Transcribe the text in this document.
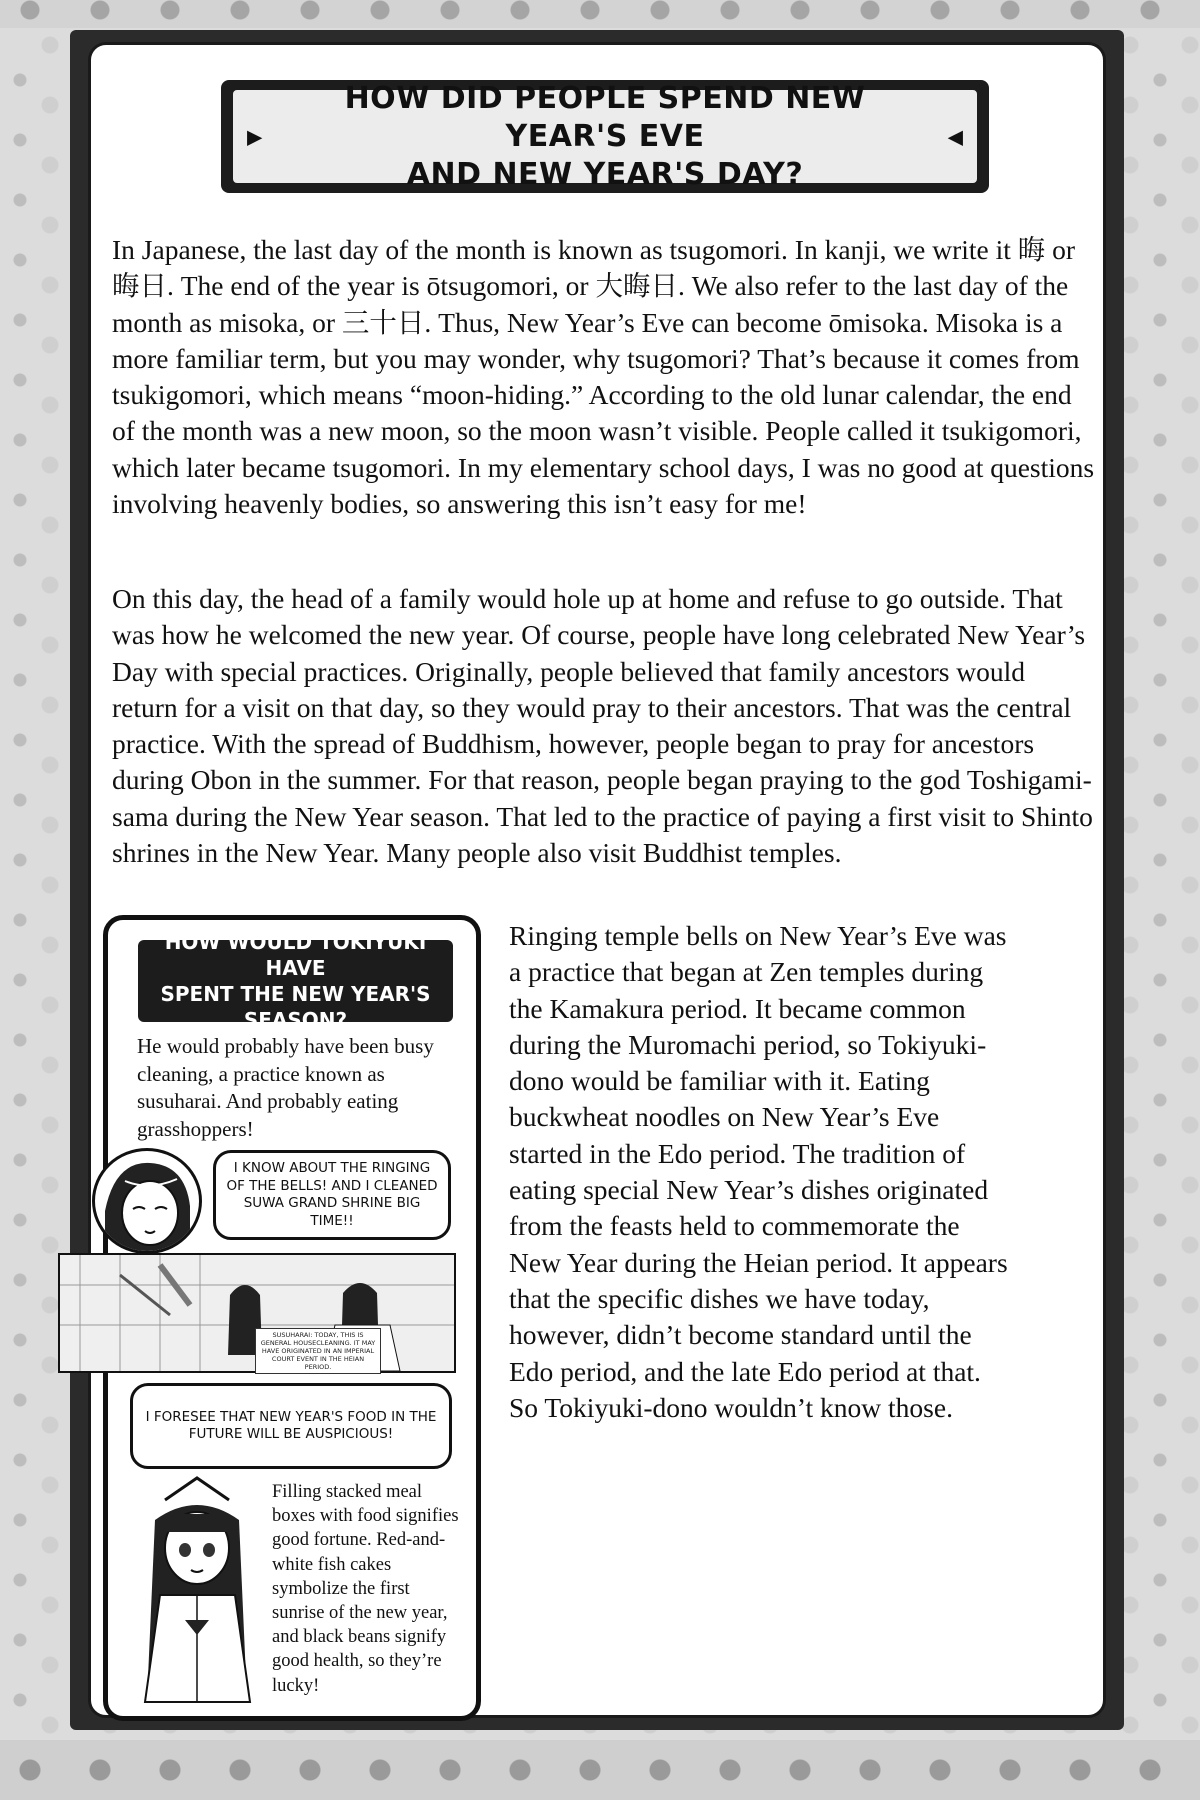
▶
HOW DID PEOPLE SPEND NEW YEAR'S EVE
AND NEW YEAR'S DAY?
◀

In Japanese, the last day of the month is known as tsugomori. In kanji, we write it 晦 or 晦日. The end of the year is ōtsugomori, or 大晦日. We also refer to the last day of the month as misoka, or 三十日. Thus, New Year’s Eve can become ōmisoka. Misoka is a more familiar term, but you may wonder, why tsugomori? That’s because it comes from tsukigomori, which means “moon-hiding.” According to the old lunar calendar, the end of the month was a new moon, so the moon wasn’t visible. People called it tsukigomori, which later became tsugomori. In my elementary school days, I was no good at questions involving heavenly bodies, so answering this isn’t easy for me!

On this day, the head of a family would hole up at home and refuse to go outside. That was how he welcomed the new year. Of course, people have long celebrated New Year’s Day with special practices. Originally, people believed that family ancestors would return for a visit on that day, so they would pray to their ancestors. That was the central practice. With the spread of Buddhism, however, people began to pray for ancestors during Obon in the summer. For that reason, people began praying to the god Toshigami-sama during the New Year season. That led to the practice of paying a first visit to Shinto shrines in the New Year. Many people also visit Buddhist temples.

Ringing temple bells on New Year’s Eve was a practice that began at Zen temples during the Kamakura period. It became common during the Muromachi period, so Tokiyuki-dono would be familiar with it. Eating buckwheat noodles on New Year’s Eve started in the Edo period. The tradition of eating special New Year’s dishes originated from the feasts held to commemorate the New Year during the Heian period. It appears that the specific dishes we have today, however, didn’t become standard until the Edo period, and the late Edo period at that. So Tokiyuki-dono wouldn’t know those.

HOW WOULD TOKIYUKI HAVE
SPENT THE NEW YEAR'S SEASON?

He would probably have been busy cleaning, a practice known as susuharai. And probably eating grasshoppers!

I KNOW ABOUT THE RINGING OF THE BELLS! AND I CLEANED SUWA GRAND SHRINE BIG TIME!!
SUSUHARAI: TODAY, THIS IS GENERAL HOUSECLEANING. IT MAY HAVE ORIGINATED IN AN IMPERIAL COURT EVENT IN THE HEIAN PERIOD.
I FORESEE THAT NEW YEAR'S FOOD IN THE FUTURE WILL BE AUSPICIOUS!

Filling stacked meal boxes with food signifies good fortune. Red-and-white fish cakes symbolize the first sunrise of the new year, and black beans signify good health, so they’re lucky!
